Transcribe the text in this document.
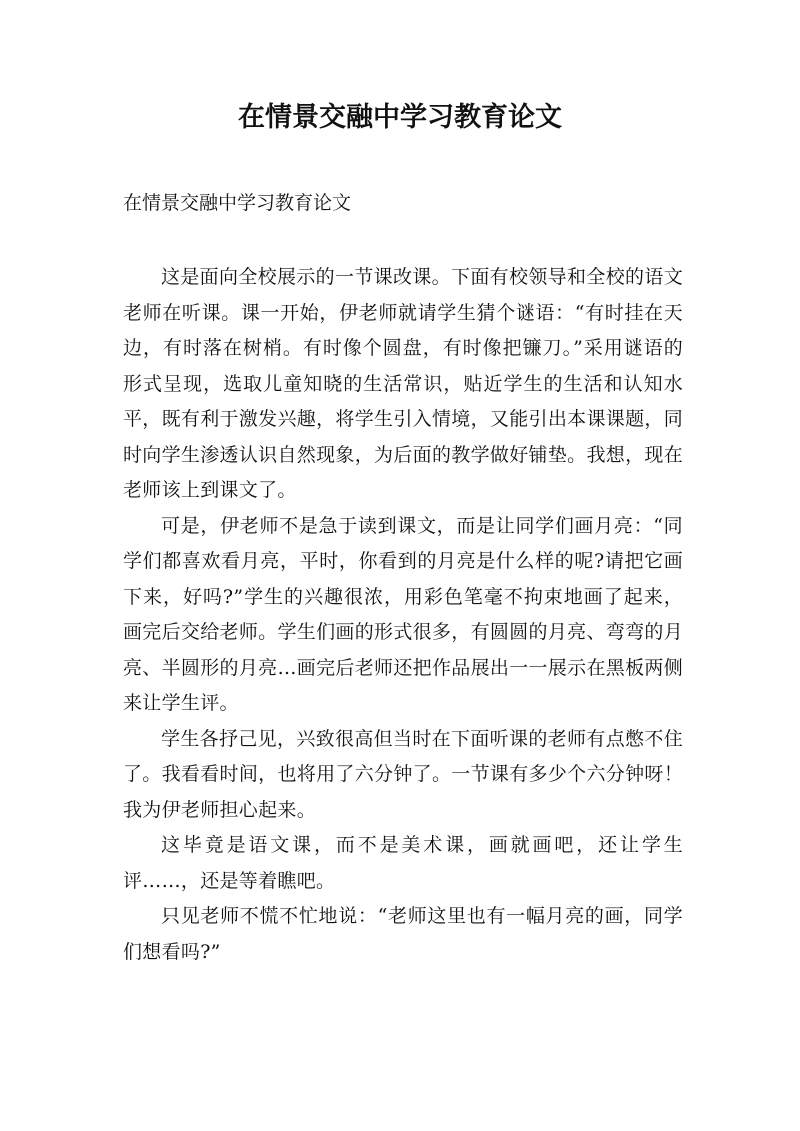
在情景交融中学习教育论文

在情景交融中学习教育论文

这是面向全校展示的一节课改课。下面有校领导和全校的语文老师在听课。课一开始，伊老师就请学生猜个谜语：“有时挂在天边，有时落在树梢。有时像个圆盘，有时像把镰刀。”采用谜语的形式呈现，选取儿童知晓的生活常识，贴近学生的生活和认知水平，既有利于激发兴趣，将学生引入情境，又能引出本课课题，同时向学生渗透认识自然现象，为后面的教学做好铺垫。我想，现在老师该上到课文了。

可是，伊老师不是急于读到课文，而是让同学们画月亮：“同学们都喜欢看月亮，平时，你看到的月亮是什么样的呢?请把它画下来，好吗?”学生的兴趣很浓，用彩色笔毫不拘束地画了起来，画完后交给老师。学生们画的形式很多，有圆圆的月亮、弯弯的月亮、半圆形的月亮…画完后老师还把作品展出一一展示在黑板两侧来让学生评。

学生各抒己见，兴致很高但当时在下面听课的老师有点憋不住了。我看看时间，也将用了六分钟了。一节课有多少个六分钟呀！我为伊老师担心起来。

这毕竟是语文课，而不是美术课，画就画吧，还让学生评……，还是等着瞧吧。

只见老师不慌不忙地说：“老师这里也有一幅月亮的画，同学们想看吗?”
